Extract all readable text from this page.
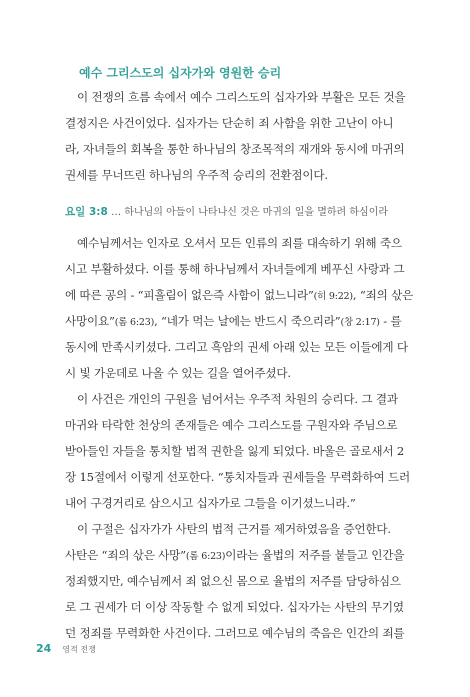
예수 그리스도의 십자가와 영원한 승리
이 전쟁의 흐름 속에서 예수 그리스도의 십자가와 부활은 모든 것을
결정지은 사건이었다. 십자가는 단순히 죄 사함을 위한 고난이 아니
라, 자녀들의 회복을 통한 하나님의 창조목적의 재개와 동시에 마귀의
권세를 무너뜨린 하나님의 우주적 승리의 전환점이다.
요일 3:8 … 하나님의 아들이 나타나신 것은 마귀의 일을 멸하려 하심이라
예수님께서는 인자로 오셔서 모든 인류의 죄를 대속하기 위해 죽으
시고 부활하셨다. 이를 통해 하나님께서 자녀들에게 베푸신 사랑과 그
에 따른 공의 - “피흘림이 없은즉 사함이 없느니라”(히 9:22), “죄의 삯은
사망이요”(롬 6:23), “네가 먹는 날에는 반드시 죽으리라”(창 2:17) - 를
동시에 만족시키셨다. 그리고 흑암의 권세 아래 있는 모든 이들에게 다
시 빛 가운데로 나올 수 있는 길을 열어주셨다.
이 사건은 개인의 구원을 넘어서는 우주적 차원의 승리다. 그 결과
마귀와 타락한 천상의 존재들은 예수 그리스도를 구원자와 주님으로
받아들인 자들을 통치할 법적 권한을 잃게 되었다. 바울은 골로새서 2
장 15절에서 이렇게 선포한다. “통치자들과 권세들을 무력화하여 드러
내어 구경거리로 삼으시고 십자가로 그들을 이기셨느니라.”
이 구절은 십자가가 사탄의 법적 근거를 제거하였음을 증언한다.
사탄은 “죄의 삯은 사망”(롬 6:23)이라는 율법의 저주를 붙들고 인간을
정죄했지만, 예수님께서 죄 없으신 몸으로 율법의 저주를 담당하심으
로 그 권세가 더 이상 작동할 수 없게 되었다. 십자가는 사탄의 무기였
던 정죄를 무력화한 사건이다. 그러므로 예수님의 죽음은 인간의 죄를
24 영적 전쟁
